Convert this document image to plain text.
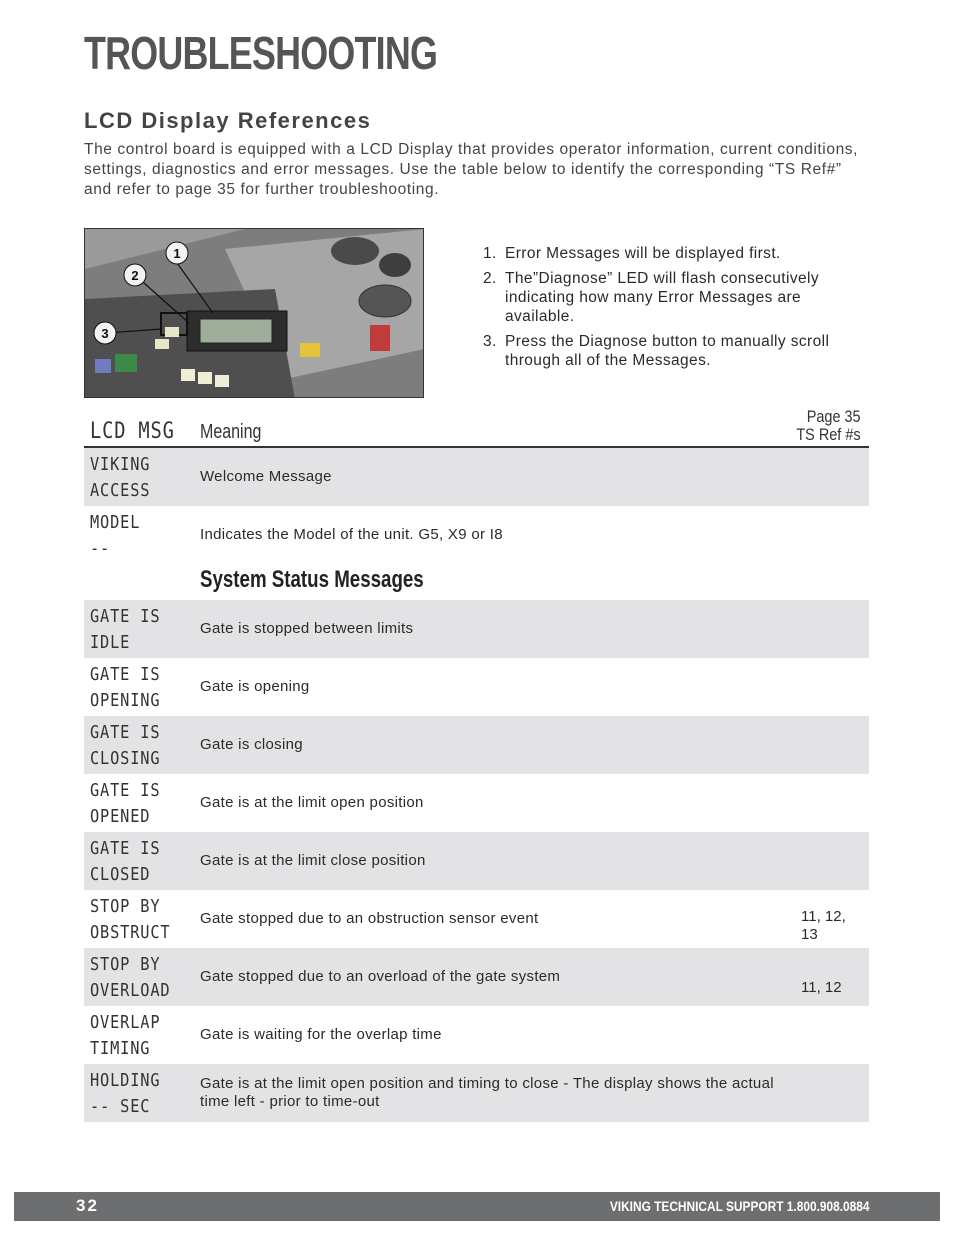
TROUBLESHOOTING
LCD Display References
The control board is equipped with a LCD Display that provides operator information, current conditions, settings, diagnostics and error messages. Use the table below to identify the corresponding “TS Ref#” and refer to page 35 for further troubleshooting.
1
2
3
1. Error Messages will be displayed first.
2. The”Diagnose” LED will flash consecutively indicating how many Error Messages are available.
3. Press the Diagnose button to manually scroll through all of the Messages.
LCD MSG Meaning
Page 35
TS Ref #s
VIKING
ACCESS
Welcome Message
MODEL
--
Indicates the Model of the unit. G5, X9 or I8
System Status Messages
GATE IS
IDLE
Gate is stopped between limits
GATE IS
OPENING
Gate is opening
GATE IS
CLOSING
Gate is closing
GATE IS
OPENED
Gate is at the limit open position
GATE IS
CLOSED
Gate is at the limit close position
STOP BY
OBSTRUCT
Gate stopped due to an obstruction sensor event	11, 12, 13
STOP BY
OVERLOAD
Gate stopped due to an overload of the gate system
11, 12
OVERLAP
TIMING
Gate is waiting for the overlap time
HOLDING
-- SEC
Gate is at the limit open position and timing to close - The display shows the actual time left - prior to time-out
32	VIKING TECHNICAL SUPPORT 1.800.908.0884
